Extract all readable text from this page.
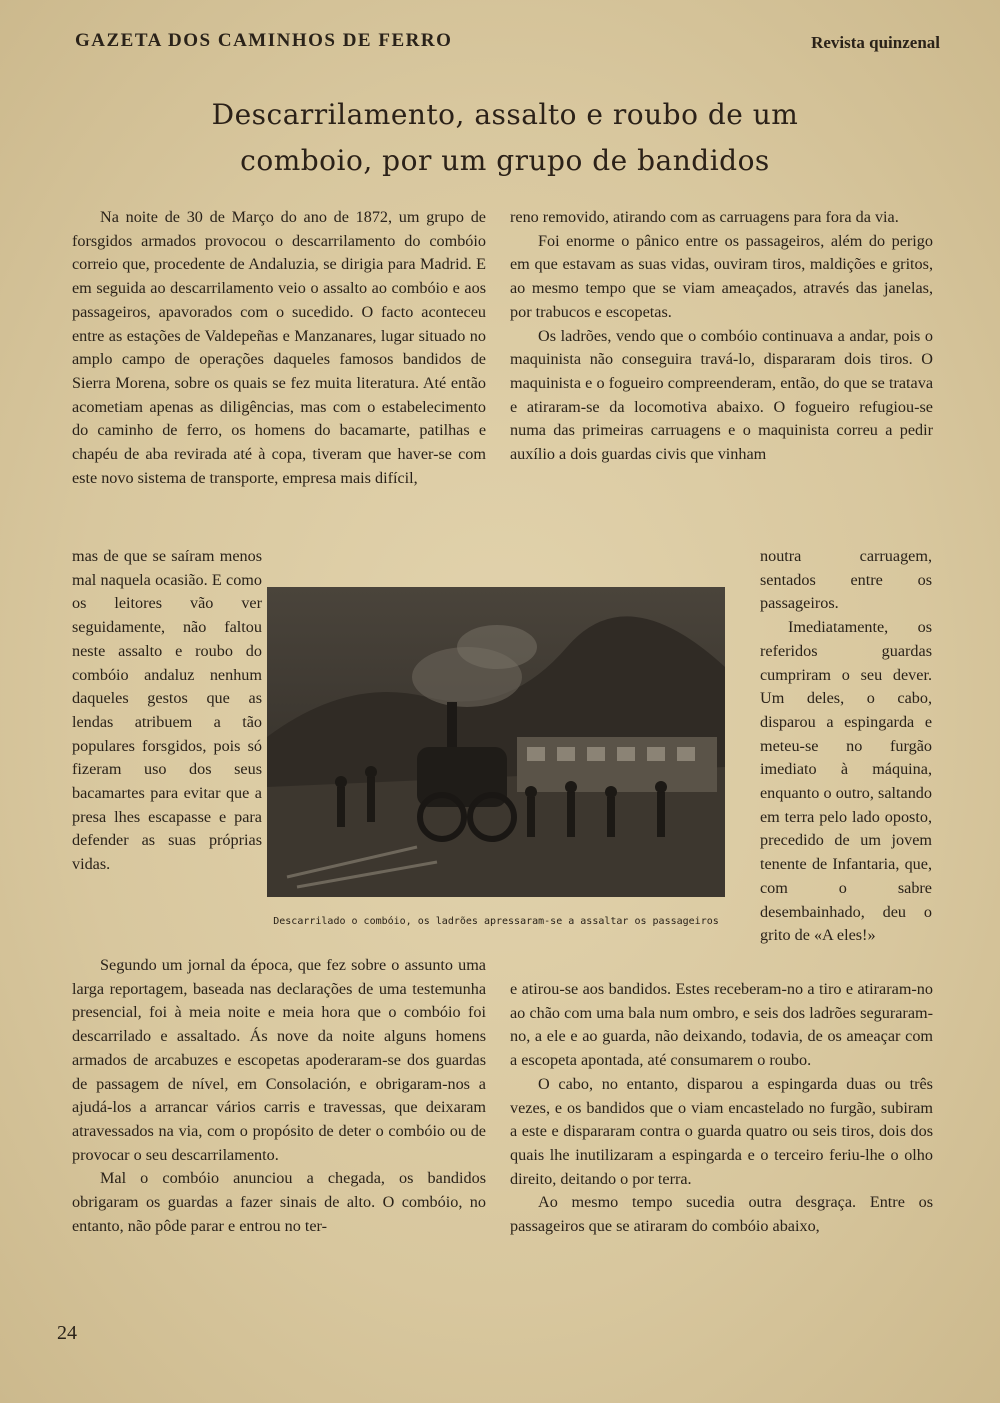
GAZETA DOS CAMINHOS DE FERRO	Revista quinzenal
Descarrilamento, assalto e roubo de um
comboio, por um grupo de bandidos

Na noite de 30 de Março do ano de 1872, um grupo de forsgidos armados provocou o descarrilamento do combóio correio que, procedente de Andaluzia, se dirigia para Madrid. E em seguida ao descarrilamento veio o assalto ao combóio e aos passageiros, apavorados com o sucedido. O facto aconteceu entre as estações de Valdepeñas e Manzanares, lugar situado no amplo campo de operações daqueles famosos bandidos de Sierra Morena, sobre os quais se fez muita literatura. Até então acometiam apenas as diligências, mas com o estabelecimento do caminho de ferro, os homens do bacamarte, patilhas e chapéu de aba revirada até à copa, tiveram que haver-se com este novo sistema de transporte, empresa mais difícil,

mas de que se saíram menos mal naquela ocasião. E como os leitores vão ver seguidamente, não faltou neste assalto e roubo do combóio andaluz nenhum daqueles gestos que as lendas atribuem a tão populares forsgidos, pois só fizeram uso dos seus bacamartes para evitar que a presa lhes escapasse e para defender as suas próprias vidas.

Descarrilado o combóio, os ladrões apressaram-se a assaltar os passageiros

Segundo um jornal da época, que fez sobre o assunto uma larga reportagem, baseada nas declarações de uma testemunha presencial, foi à meia noite e meia hora que o combóio foi descarrilado e assaltado. Ás nove da noite alguns homens armados de arcabuzes e escopetas apoderaram-se dos guardas de passagem de nível, em Consolación, e obrigaram-nos a ajudá-los a arrancar vários carris e travessas, que deixaram atravessados na via, com o propósito de deter o combóio ou de provocar o seu descarrilamento.

Mal o combóio anunciou a chegada, os bandidos obrigaram os guardas a fazer sinais de alto. O combóio, no entanto, não pôde parar e entrou no ter-

reno removido, atirando com as carruagens para fora da via.

Foi enorme o pânico entre os passageiros, além do perigo em que estavam as suas vidas, ouviram tiros, maldições e gritos, ao mesmo tempo que se viam ameaçados, através das janelas, por trabucos e escopetas.

Os ladrões, vendo que o combóio continuava a andar, pois o maquinista não conseguira travá-lo, dispararam dois tiros. O maquinista e o fogueiro compreenderam, então, do que se tratava e atiraram-se da locomotiva abaixo. O fogueiro refugiou-se numa das primeiras carruagens e o maquinista correu a pedir auxílio a dois guardas civis que vinham

noutra carruagem, sentados entre os passageiros.

Imediatamente, os referidos guardas cumpriram o seu dever. Um deles, o cabo, disparou a espingarda e meteu-se no furgão imediato à máquina, enquanto o outro, saltando em terra pelo lado oposto, precedido de um jovem tenente de Infantaria, que, com o sabre desembainhado, deu o grito de «A eles!»

e atirou-se aos bandidos. Estes receberam-no a tiro e atiraram-no ao chão com uma bala num ombro, e seis dos ladrões seguraram-no, a ele e ao guarda, não deixando, todavia, de os ameaçar com a escopeta apontada, até consumarem o roubo.

O cabo, no entanto, disparou a espingarda duas ou três vezes, e os bandidos que o viam encastelado no furgão, subiram a este e dispararam contra o guarda quatro ou seis tiros, dois dos quais lhe inutilizaram a espingarda e o terceiro feriu-lhe o olho direito, deitando o por terra.

Ao mesmo tempo sucedia outra desgraça. Entre os passageiros que se atiraram do combóio abaixo,

24
